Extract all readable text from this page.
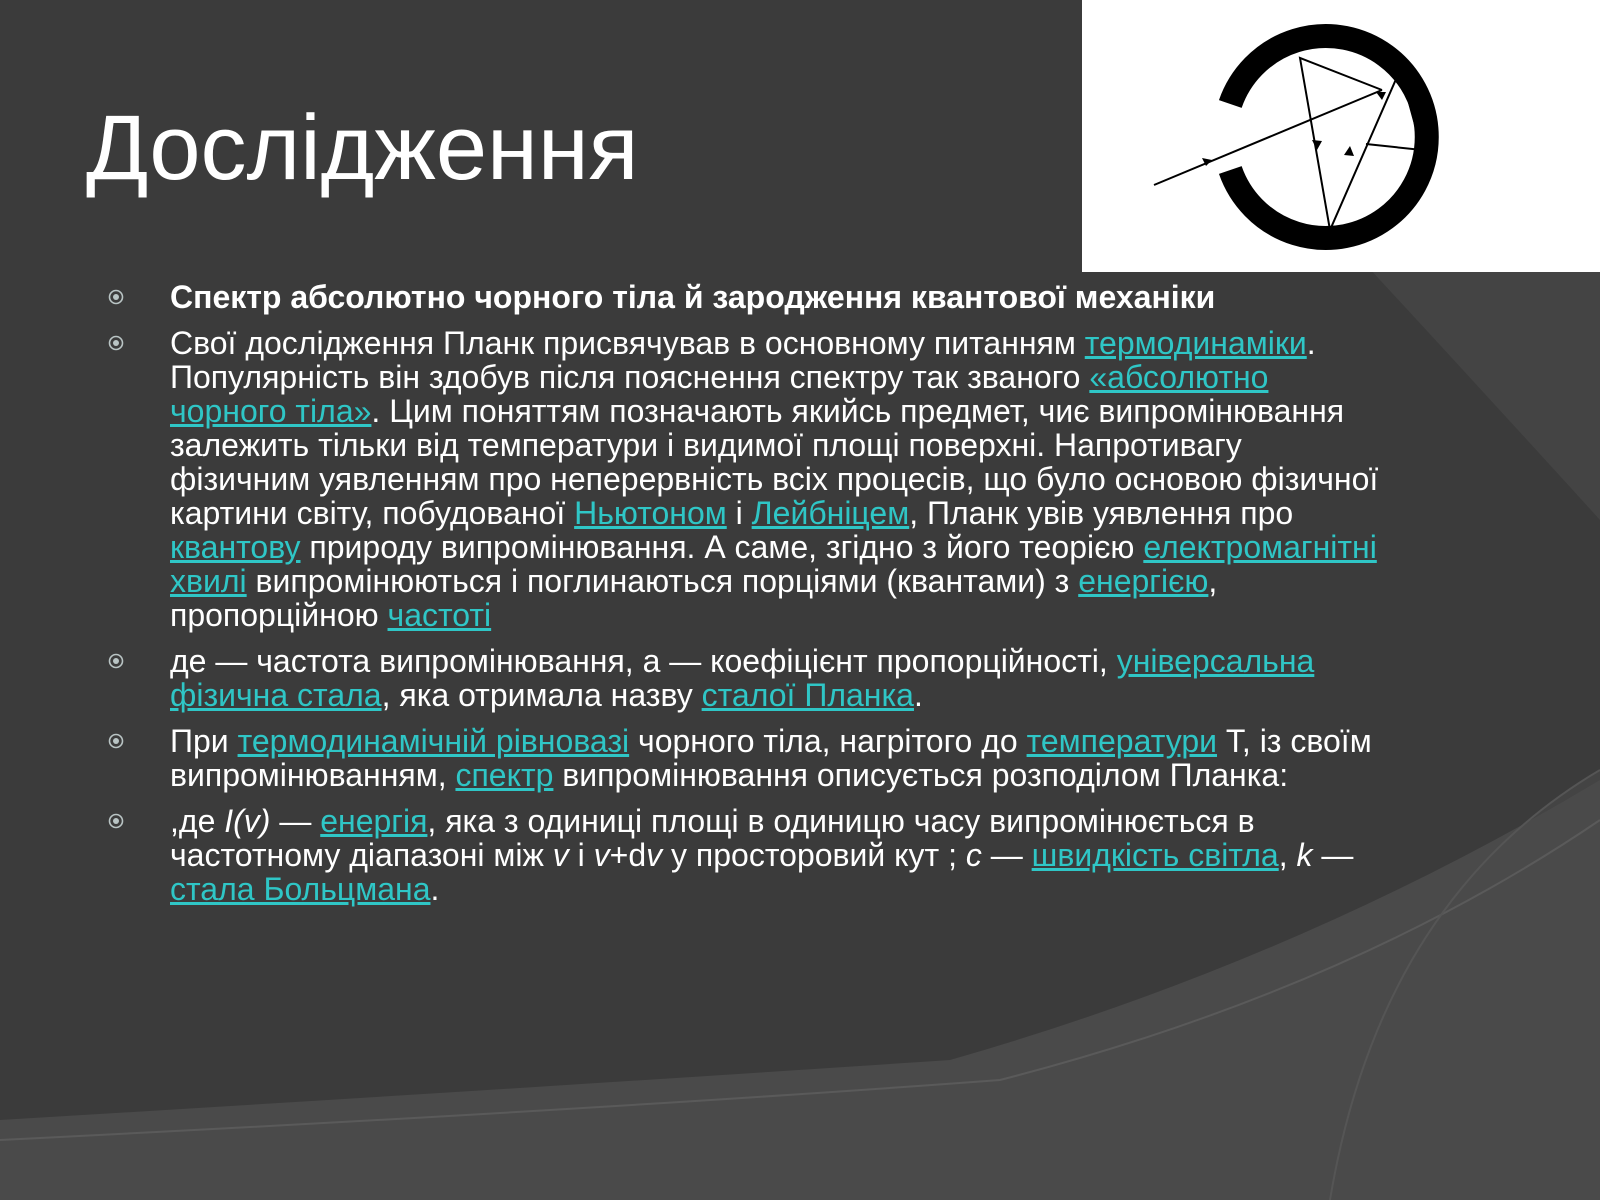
Дослідження

Спектр абсолютно чорного тіла й зародження квантової механіки

Свої дослідження Планк присвячував в основному питанням термодинаміки. Популярність він здобув після пояснення спектру так званого «абсолютно чорного тіла». Цим поняттям позначають якийсь предмет, чиє випромінювання залежить тільки від температури і видимої площі поверхні. Напротивагу фізичним уявленням про неперервність всіх процесів, що було основою фізичної картини світу, побудованої Ньютоном і Лейбніцем, Планк увів уявлення про квантову природу випромінювання. А саме, згідно з його теорією електромагнітні хвилі випромінюються і поглинаються порціями (квантами) з енергією, пропорційною частоті

де — частота випромінювання, a — коефіцієнт пропорційності, універсальна фізична стала, яка отримала назву сталої Планка.

При термодинамічній рівновазі чорного тіла, нагрітого до температури T, із своїм випромінюванням, спектр випромінювання описується розподілом Планка:

,де I(v) — енергія, яка з одиниці площі в одиницю часу випромінюється в частотному діапазоні між v і v+dv у просторовий кут ; c — швидкість світла, k — стала Больцмана.
